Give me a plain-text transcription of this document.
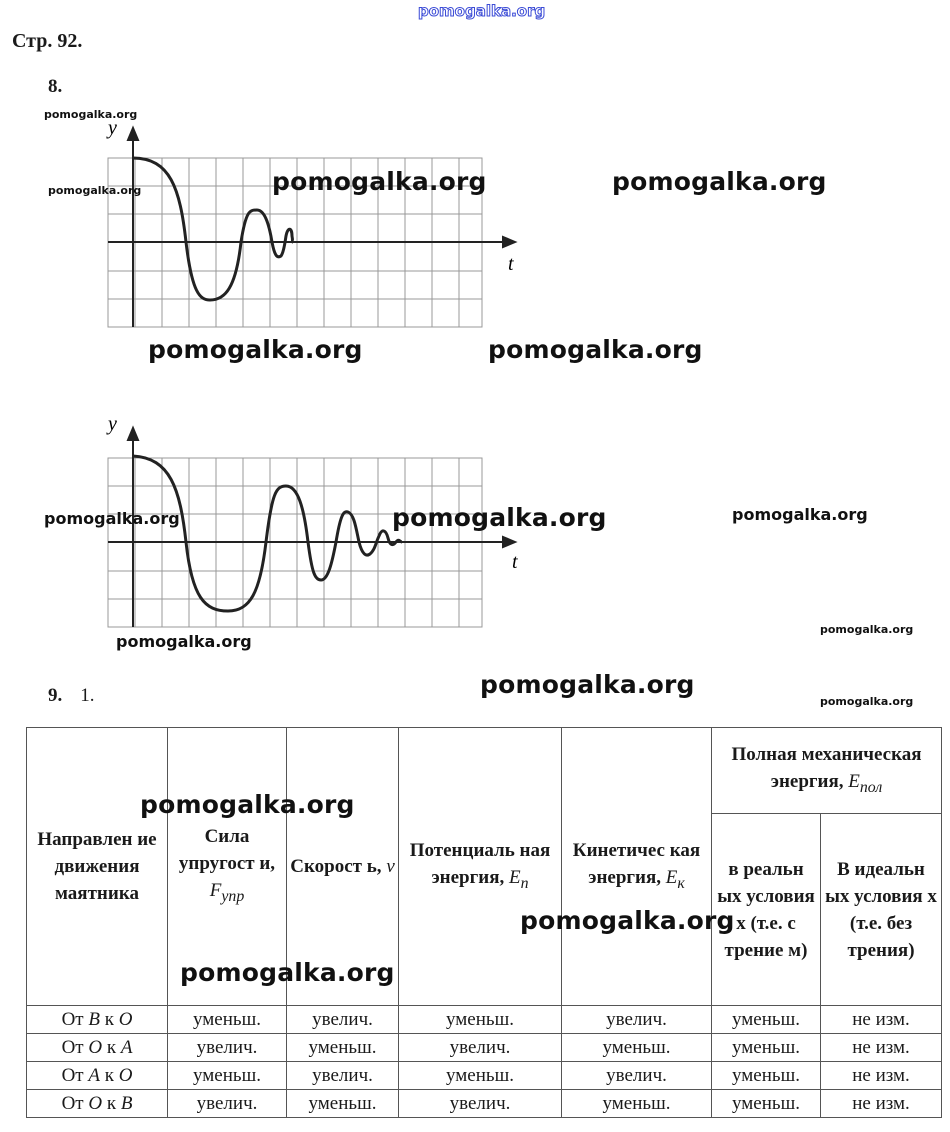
pomogalka.org
Стр. 92.
8.
y
t
y
t
9. 1.
Направлен ие движения маятника	Сила упругост и, $F_{упр}$	Скорост ь, v	Потенциаль ная энергия, $E_п$	Кинетичес кая энергия, $E_к$	Полная механическая энергия, $E_{пол}$
					в реальн ых условия х (т.е. с трение м)	В идеальн ых условия х (т.е. без трения)
От B к O	уменьш.	увелич.	уменьш.	увелич.	уменьш.	не изм.
От O к A	увелич.	уменьш.	увелич.	уменьш.	уменьш.	не изм.
От A к O	уменьш.	увелич.	уменьш.	увелич.	уменьш.	не изм.
От O к B	увелич.	уменьш.	увелич.	уменьш.	уменьш.	не изм.
pomogalka.org
pomogalka.org	pomogalka.org	pomogalka.org
pomogalka.org	pomogalka.org
pomogalka.org	pomogalka.org	pomogalka.org
pomogalka.org
pomogalka.org
pomogalka.org
pomogalka.org
pomogalka.org
pomogalka.org
pomogalka.org
